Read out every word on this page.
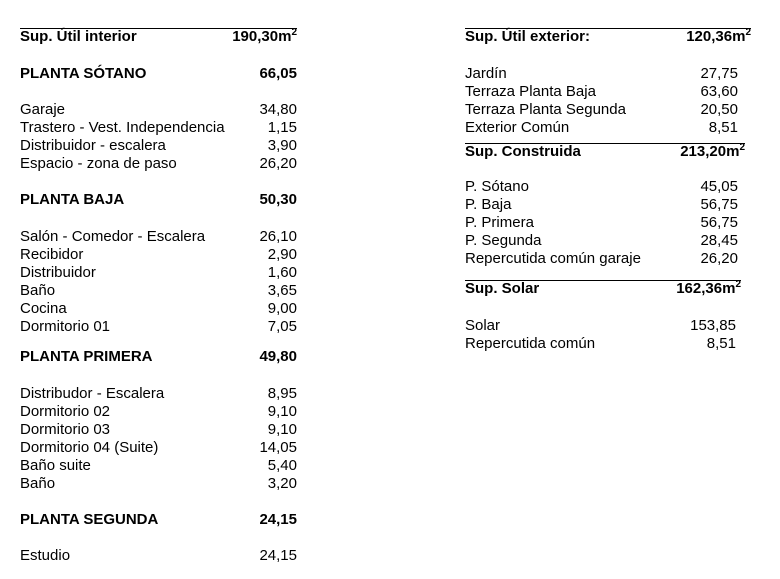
Sup. Útil interior	$190,30m^2$
PLANTA SÓTANO	66,05
Garaje	34,80
Trastero - Vest. Independencia	1,15
Distribuidor - escalera	3,90
Espacio - zona de paso	26,20
PLANTA BAJA	50,30
Salón - Comedor - Escalera	26,10
Recibidor	2,90
Distribuidor	1,60
Baño	3,65
Cocina	9,00
Dormitorio 01	7,05
PLANTA PRIMERA	49,80
Distribudor - Escalera	8,95
Dormitorio 02	9,10
Dormitorio 03	9,10
Dormitorio 04 (Suite)	14,05
Baño suite	5,40
Baño	3,20
PLANTA SEGUNDA	24,15
Estudio	24,15
Sup. Útil exterior:	$120,36m^2$
Jardín	27,75
Terraza Planta Baja	63,60
Terraza Planta Segunda	20,50
Exterior Común	8,51
Sup. Construida	$213,20m^2$
P. Sótano	45,05
P. Baja	56,75
P. Primera	56,75
P. Segunda	28,45
Repercutida común garaje	26,20
Sup. Solar	$162,36m^2$
Solar	153,85
Repercutida común	8,51
